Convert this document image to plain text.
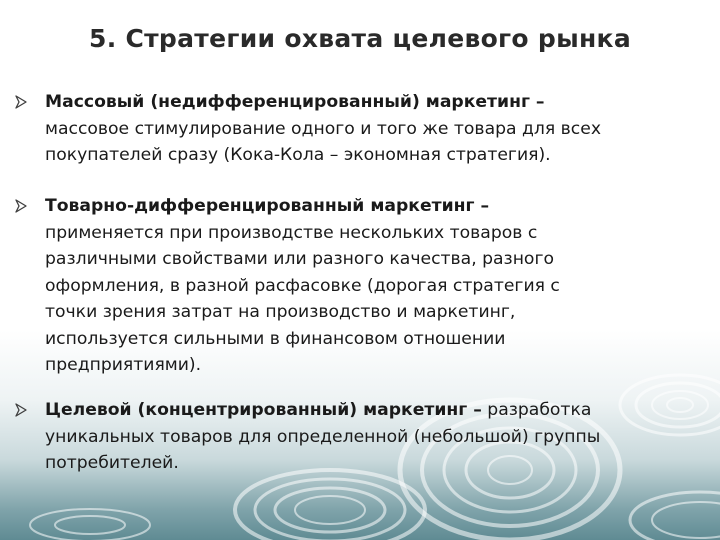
5. Стратегии охвата целевого рынка
Массовый (недифференцированный) маркетинг –
массовое стимулирование одного и того же товара для всех
покупателей сразу (Кока-Кола – экономная стратегия).
Товарно-дифференцированный маркетинг –
применяется при производстве нескольких товаров с
различными свойствами или разного качества, разного
оформления, в разной расфасовке (дорогая стратегия с
точки зрения затрат на производство и маркетинг,
используется сильными в финансовом отношении
предприятиями).
Целевой (концентрированный) маркетинг – разработка
уникальных товаров для определенной (небольшой) группы
потребителей.
